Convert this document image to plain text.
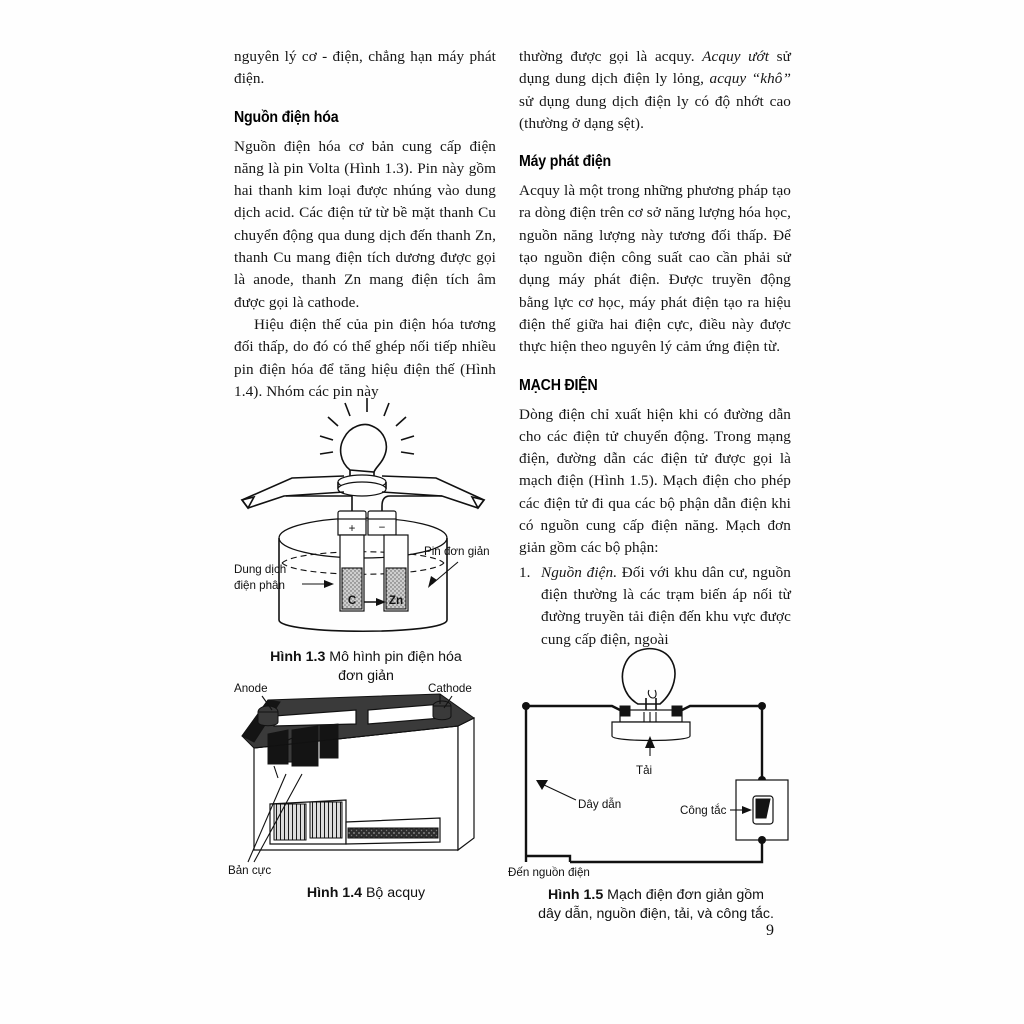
nguyên lý cơ - điện, chẳng hạn máy phát điện.

Nguồn điện hóa

Nguồn điện hóa cơ bản cung cấp điện năng là pin Volta (Hình 1.3). Pin này gồm hai thanh kim loại được nhúng vào dung dịch acid. Các điện tử từ bề mặt thanh Cu chuyển động qua dung dịch đến thanh Zn, thanh Cu mang điện tích dương được gọi là anode, thanh Zn mang điện tích âm được gọi là cathode.

Hiệu điện thế của pin điện hóa tương đối thấp, do đó có thể ghép nối tiếp nhiều pin điện hóa để tăng hiệu điện thế (Hình 1.4). Nhóm các pin này

thường được gọi là acquy. Acquy ướt sử dụng dung dịch điện ly lỏng, acquy “khô” sử dụng dung dịch điện ly có độ nhớt cao (thường ở dạng sệt).

Máy phát điện

Acquy là một trong những phương pháp tạo ra dòng điện trên cơ sở năng lượng hóa học, nguồn năng lượng này tương đối thấp. Để tạo nguồn điện công suất cao cần phải sử dụng máy phát điện. Được truyền động bằng lực cơ học, máy phát điện tạo ra hiệu điện thế giữa hai điện cực, điều này được thực hiện theo nguyên lý cảm ứng điện từ.

MẠCH ĐIỆN

Dòng điện chỉ xuất hiện khi có đường dẫn cho các điện tử chuyển động. Trong mạng điện, đường dẫn các điện tử được gọi là mạch điện (Hình 1.5). Mạch điện cho phép các điện tử đi qua các bộ phận dẫn điện khi có nguồn cung cấp điện năng. Mạch đơn giản gồm các bộ phận:

1. Nguồn điện. Đối với khu dân cư, nguồn điện thường là các trạm biến áp nối từ đường truyền tải điện đến khu vực được cung cấp điện, ngoài

+
C
−
Zn
Dung dịch
điện phân
Pin đơn giản
Hình 1.3 Mô hình pin điện hóa
đơn giản
Anode	Cathode
Bản cực
Hình 1.4 Bộ acquy
Tải
Dây dẫn	Công tắc
Đến nguồn điện
Hình 1.5 Mạch điện đơn giản gồm
dây dẫn, nguồn điện, tải, và công tắc.
9
